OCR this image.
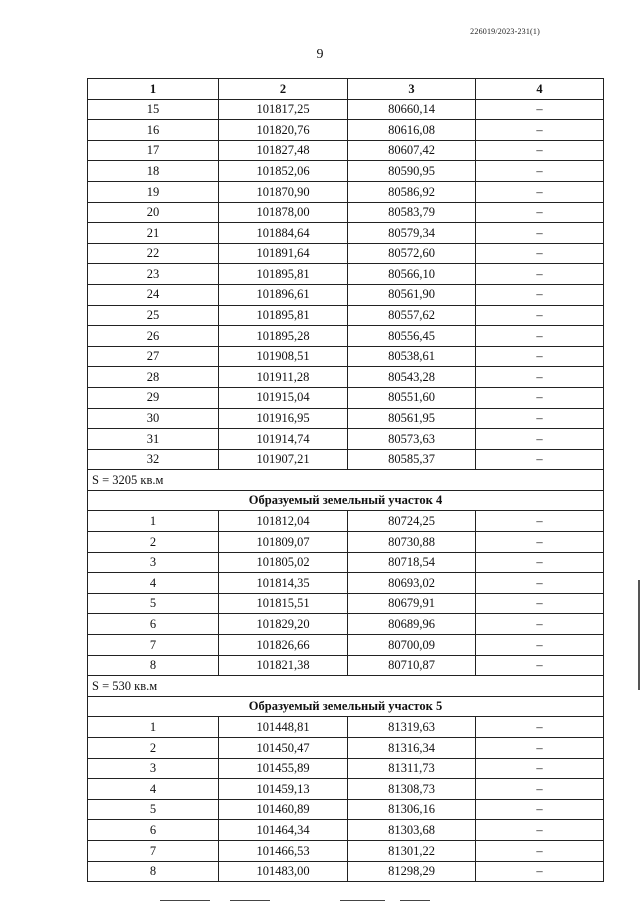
226019/2023-231(1)
9
1	2	3	4
15	101817,25	80660,14	–
16	101820,76	80616,08	–
17	101827,48	80607,42	–
18	101852,06	80590,95	–
19	101870,90	80586,92	–
20	101878,00	80583,79	–
21	101884,64	80579,34	–
22	101891,64	80572,60	–
23	101895,81	80566,10	–
24	101896,61	80561,90	–
25	101895,81	80557,62	–
26	101895,28	80556,45	–
27	101908,51	80538,61	–
28	101911,28	80543,28	–
29	101915,04	80551,60	–
30	101916,95	80561,95	–
31	101914,74	80573,63	–
32	101907,21	80585,37	–
S = 3205 кв.м			
Образуемый земельный участок 4			
1	101812,04	80724,25	–
2	101809,07	80730,88	–
3	101805,02	80718,54	–
4	101814,35	80693,02	–
5	101815,51	80679,91	–
6	101829,20	80689,96	–
7	101826,66	80700,09	–
8	101821,38	80710,87	–
S = 530 кв.м			
Образуемый земельный участок 5			
1	101448,81	81319,63	–
2	101450,47	81316,34	–
3	101455,89	81311,73	–
4	101459,13	81308,73	–
5	101460,89	81306,16	–
6	101464,34	81303,68	–
7	101466,53	81301,22	–
8	101483,00	81298,29	–
